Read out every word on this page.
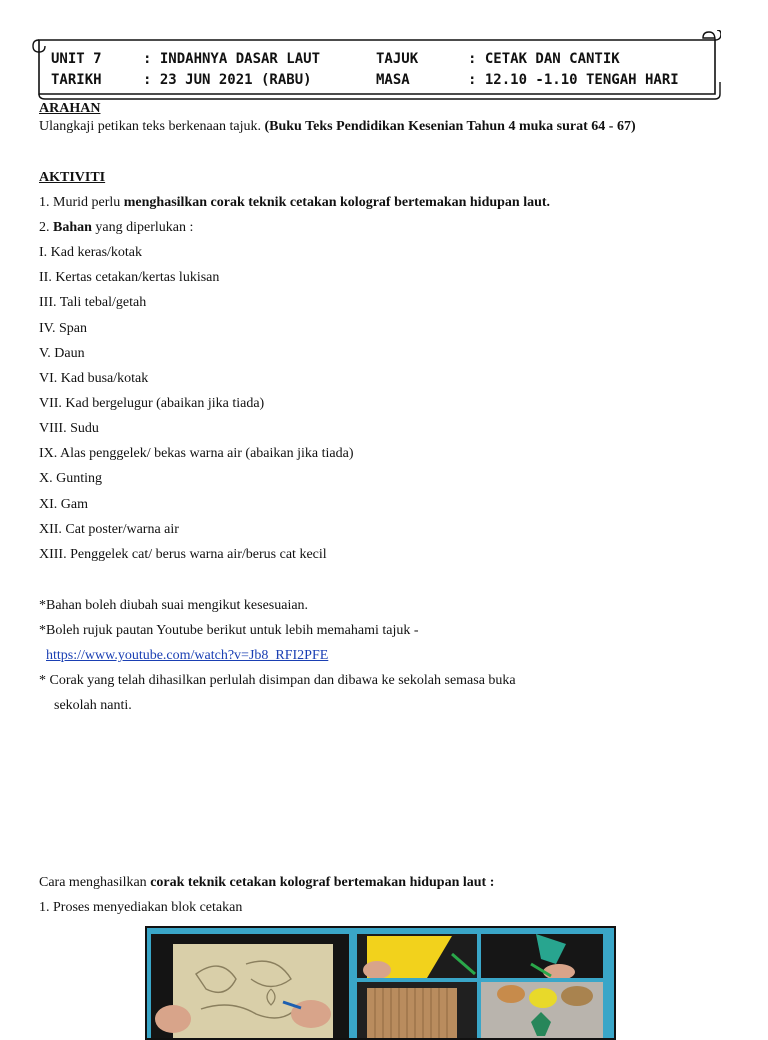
UNIT 7	: INDAHNYA DASAR LAUT	TAJUK	: CETAK DAN CANTIK
TARIKH	: 23 JUN 2021 (RABU)	MASA	: 12.10 -1.10 TENGAH HARI
ARAHAN
Ulangkaji petikan teks berkenaan tajuk. (Buku Teks Pendidikan Kesenian Tahun 4 muka surat 64 - 67)
AKTIVITI
1. Murid perlu menghasilkan corak teknik cetakan kolograf bertemakan hidupan laut.
2. Bahan yang diperlukan :
I. Kad keras/kotak
II. Kertas cetakan/kertas lukisan
III. Tali tebal/getah
IV. Span
V. Daun
VI. Kad busa/kotak
VII. Kad bergelugur (abaikan jika tiada)
VIII. Sudu
IX. Alas penggelek/ bekas warna air (abaikan jika tiada)
X. Gunting
XI. Gam
XII. Cat poster/warna air
XIII. Penggelek cat/ berus warna air/berus cat kecil
*Bahan boleh diubah suai mengikut kesesuaian.
*Boleh rujuk pautan Youtube berikut untuk lebih memahami tajuk -
https://www.youtube.com/watch?v=Jb8_RFI2PFE
* Corak yang telah dihasilkan perlulah disimpan dan dibawa ke sekolah semasa buka
sekolah nanti.
Cara menghasilkan corak teknik cetakan kolograf bertemakan hidupan laut :
1. Proses menyediakan blok cetakan
